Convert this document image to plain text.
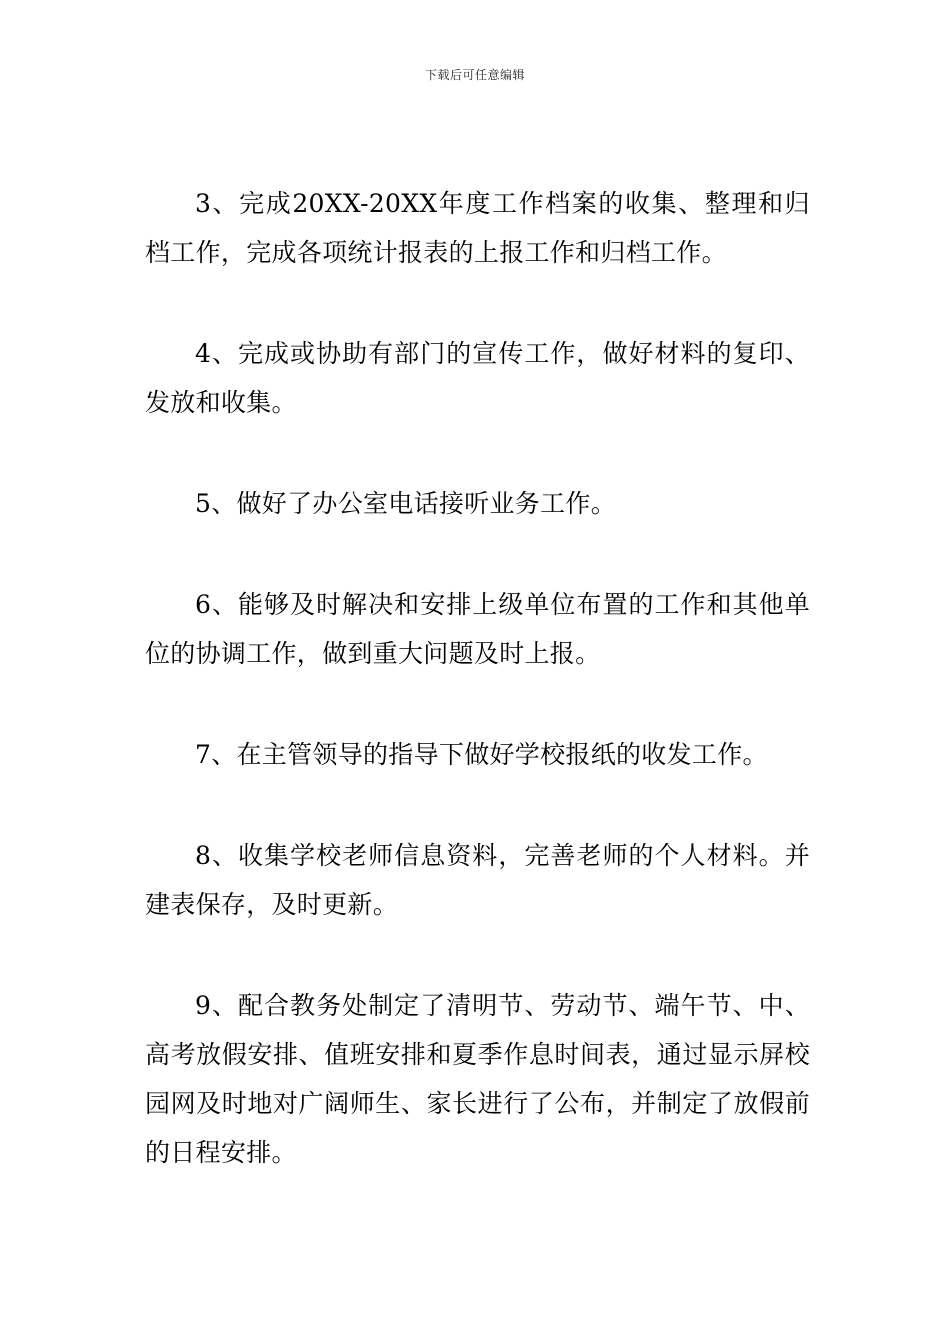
下载后可任意编辑

3、完成20XX-20XX年度工作档案的收集、整理和归档工作，完成各项统计报表的上报工作和归档工作。

4、完成或协助有部门的宣传工作，做好材料的复印、发放和收集。

5、做好了办公室电话接听业务工作。

6、能够及时解决和安排上级单位布置的工作和其他单位的协调工作，做到重大问题及时上报。

7、在主管领导的指导下做好学校报纸的收发工作。

8、收集学校老师信息资料，完善老师的个人材料。并建表保存，及时更新。

9、配合教务处制定了清明节、劳动节、端午节、中、高考放假安排、值班安排和夏季作息时间表，通过显示屏校园网及时地对广阔师生、家长进行了公布，并制定了放假前的日程安排。
